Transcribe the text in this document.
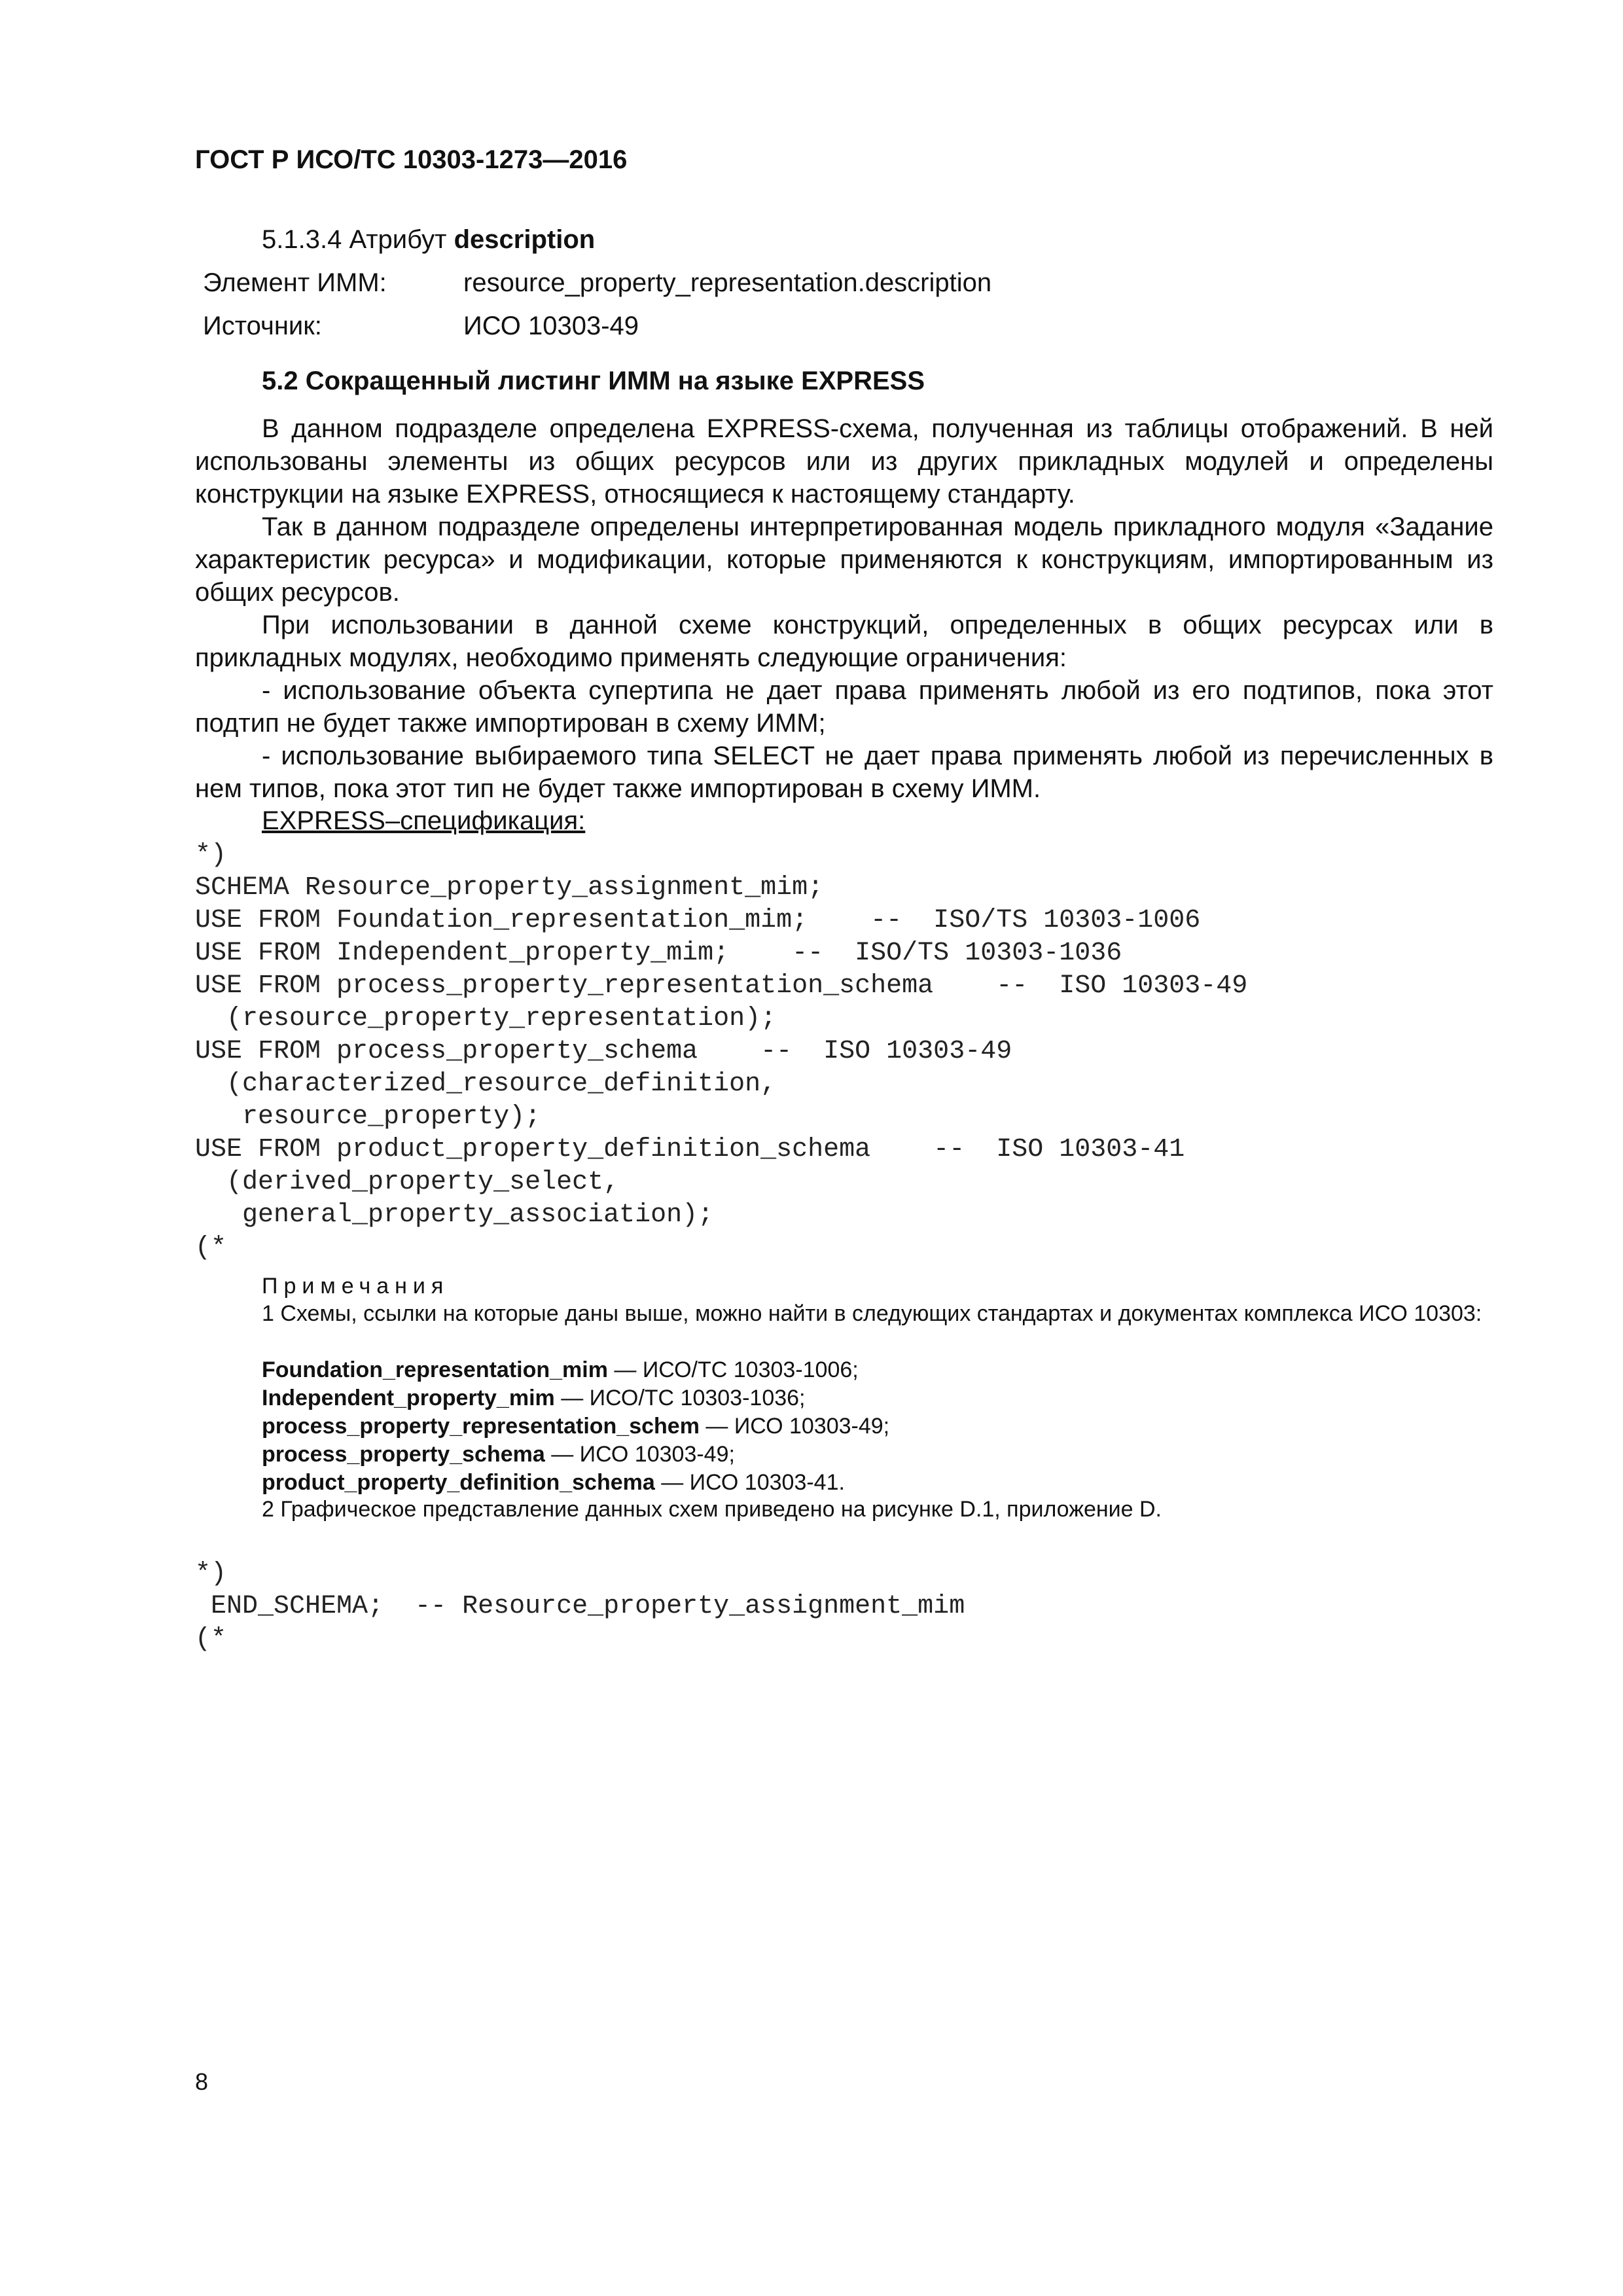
ГОСТ Р ИСО/ТС 10303-1273—2016
5.1.3.4 Атрибут description
Элемент ИММ:	resource_property_representation.description
Источник:	ИСО 10303-49
5.2 Сокращенный листинг ИММ на языке EXPRESS

В данном подразделе определена EXPRESS-схема, полученная из таблицы отображений. В ней использованы элементы из общих ресурсов или из других прикладных модулей и определены конструкции на языке EXPRESS, относящиеся к настоящему стандарту.

Так в данном подразделе определены интерпретированная модель прикладного модуля «Задание характеристик ресурса» и модификации, которые применяются к конструкциям, импортированным из общих ресурсов.

При использовании в данной схеме конструкций, определенных в общих ресурсах или в прикладных модулях, необходимо применять следующие ограничения:

- использование объекта супертипа не дает права применять любой из его подтипов, пока этот подтип не будет также импортирован в схему ИММ;

- использование выбираемого типа SELECT не дает права применять любой из перечисленных в нем типов, пока этот тип не будет также импортирован в схему ИММ.

EXPRESS–спецификация:
*)
SCHEMA Resource_property_assignment_mim;
USE FROM Foundation_representation_mim;    --  ISO/TS 10303-1006
USE FROM Independent_property_mim;    --  ISO/TS 10303-1036
USE FROM process_property_representation_schema    --  ISO 10303-49
(resource_property_representation);
USE FROM process_property_schema    --  ISO 10303-49
(characterized_resource_definition,
resource_property);
USE FROM product_property_definition_schema    --  ISO 10303-41
(derived_property_select,
general_property_association);
(*
Примечания

1 Схемы, ссылки на которые даны выше, можно найти в следующих стандартах и документах комплекса ИСО 10303:

Foundation_representation_mim — ИСО/ТС 10303-1006;
Independent_property_mim — ИСО/ТС 10303-1036;
process_property_representation_schem — ИСО 10303-49;
process_property_schema — ИСО 10303-49;
product_property_definition_schema — ИСО 10303-41.
2 Графическое представление данных схем приведено на рисунке D.1, приложение D.
*)
END_SCHEMA;  -- Resource_property_assignment_mim
(*
8
